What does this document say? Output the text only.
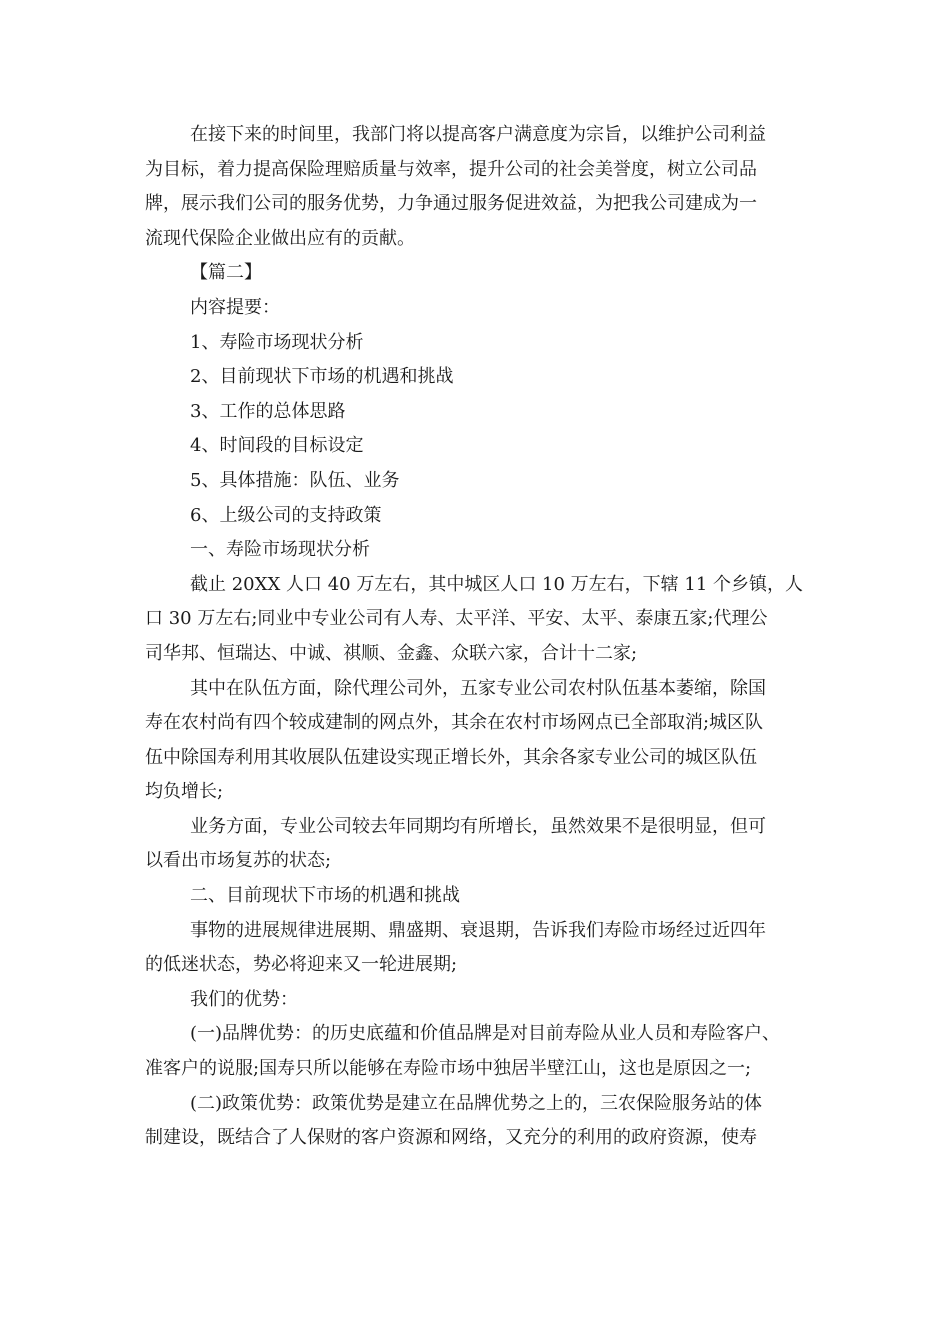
在接下来的时间里，我部门将以提高客户满意度为宗旨，以维护公司利益
为目标，着力提高保险理赔质量与效率，提升公司的社会美誉度，树立公司品
牌，展示我们公司的服务优势，力争通过服务促进效益，为把我公司建成为一
流现代保险企业做出应有的贡献。
【篇二】
内容提要：
1、寿险市场现状分析
2、目前现状下市场的机遇和挑战
3、工作的总体思路
4、时间段的目标设定
5、具体措施：队伍、业务
6、上级公司的支持政策
一、寿险市场现状分析
截止 20XX 人口 40 万左右，其中城区人口 10 万左右，下辖 11 个乡镇，人
口 30 万左右;同业中专业公司有人寿、太平洋、平安、太平、泰康五家;代理公
司华邦、恒瑞达、中诚、祺顺、金鑫、众联六家，合计十二家;
其中在队伍方面，除代理公司外，五家专业公司农村队伍基本萎缩，除国
寿在农村尚有四个较成建制的网点外，其余在农村市场网点已全部取消;城区队
伍中除国寿利用其收展队伍建设实现正增长外，其余各家专业公司的城区队伍
均负增长;
业务方面，专业公司较去年同期均有所增长，虽然效果不是很明显，但可
以看出市场复苏的状态;
二、目前现状下市场的机遇和挑战
事物的进展规律进展期、鼎盛期、衰退期，告诉我们寿险市场经过近四年
的低迷状态，势必将迎来又一轮进展期;
我们的优势：
(一)品牌优势：的历史底蕴和价值品牌是对目前寿险从业人员和寿险客户、
准客户的说服;国寿只所以能够在寿险市场中独居半壁江山，这也是原因之一;
(二)政策优势：政策优势是建立在品牌优势之上的，三农保险服务站的体
制建设，既结合了人保财的客户资源和网络，又充分的利用的政府资源，使寿
